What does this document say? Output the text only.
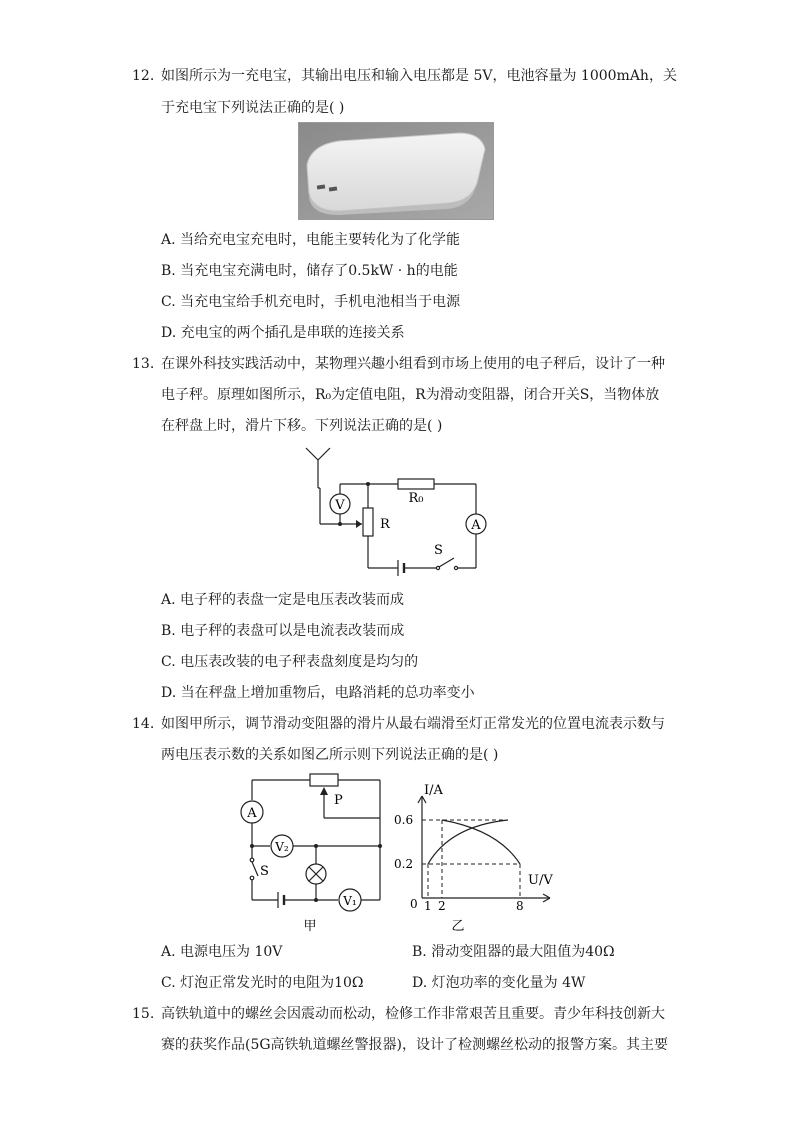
12. 如图所示为一充电宝，其输出电压和输入电压都是 5V，电池容量为 1000mAh，关
于充电宝下列说法正确的是( )
A. 当给充电宝充电时，电能主要转化为了化学能
B. 当充电宝充满电时，储存了0.5kW · h的电能
C. 当充电宝给手机充电时，手机电池相当于电源
D. 充电宝的两个插孔是串联的连接关系
13. 在课外科技实践活动中，某物理兴趣小组看到市场上使用的电子秤后，设计了一种
电子秤。原理如图所示，R₀为定值电阻，R为滑动变阻器，闭合开关S，当物体放
在秤盘上时，滑片下移。下列说法正确的是( )
V
A
R₀
R
S
A. 电子秤的表盘一定是电压表改装而成
B. 电子秤的表盘可以是电流表改装而成
C. 电压表改装的电子秤表盘刻度是均匀的
D. 当在秤盘上增加重物后，电路消耗的总功率变小
14. 如图甲所示，调节滑动变阻器的滑片从最右端滑至灯正常发光的位置电流表示数与
两电压表示数的关系如图乙所示则下列说法正确的是( )
A
V₂
V₁
P
S
甲
I/A
U/V
0
0.6
0.2
1 2	8
乙
A. 电源电压为 10V	B. 滑动变阻器的最大阻值为40Ω
C. 灯泡正常发光时的电阻为10Ω	D. 灯泡功率的变化量为 4W
15. 高铁轨道中的螺丝会因震动而松动，检修工作非常艰苦且重要。青少年科技创新大
赛的获奖作品(5G高铁轨道螺丝警报器)，设计了检测螺丝松动的报警方案。其主要
